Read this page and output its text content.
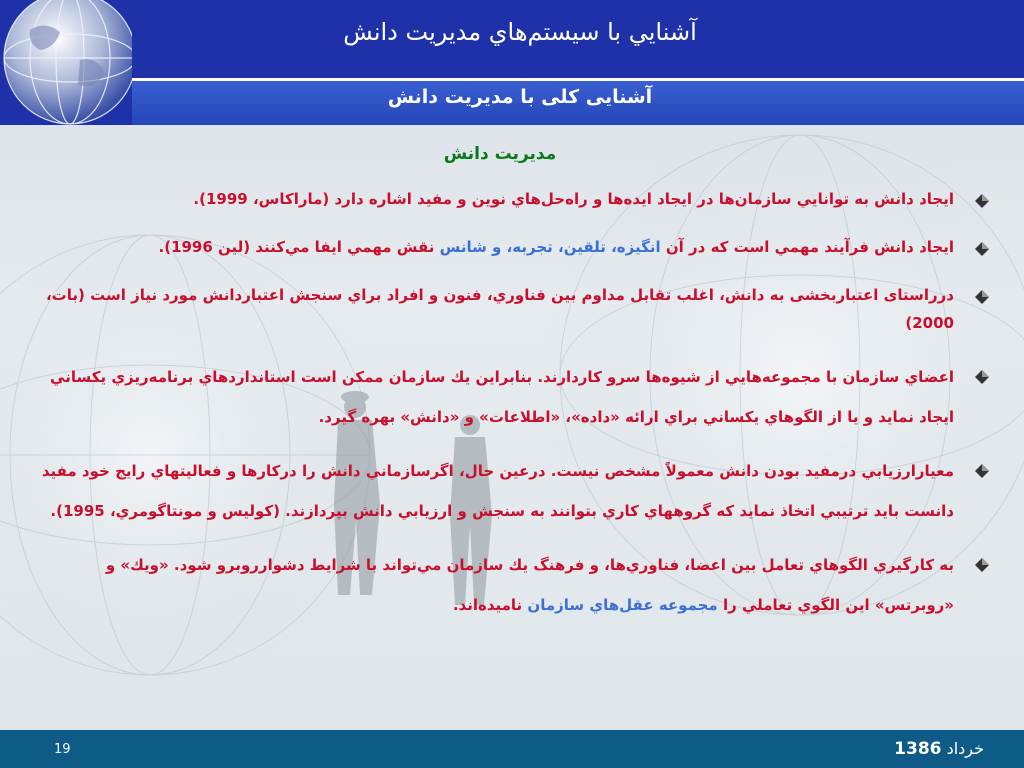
آشنايي با سيستم‌هاي مديريت دانش
آشنایی کلی با مديريت دانش
مديريت دانش
ايجاد دانش به توانايي سازمان‌ها در ايجاد ايده‌ها و راه‌حل‌هاي نوين و مفيد اشاره دارد (ماراكاس، 1999).
ايجاد دانش فرآيند مهمي است كه در آن انگيزه، تلقين، تجربه، و شانس نقش مهمي ايفا مي‌كنند (لين 1996).
درراستای اعتباربخشی به دانش، اغلب تقابل مداوم بين فناوري، فنون و افراد براي سنجش اعتباردانش مورد نياز است (بات، 2000)
اعضاي سازمان با مجموعه‌هايي از شيوه‌ها سرو كاردارند. بنابراين يك سازمان ممكن است استانداردهاي برنامه‌ريزي يكساني ايجاد نمايد و يا از الگوهاي يكساني براي ارائه «داده»، «اطلاعات» و «دانش» بهره گيرد.
معيارارزيابي درمفيد بودن دانش معمولاً مشخص نيست. درعين حال، اگرسازماني دانش را دركارها و فعاليتهاي رايج خود مفيد دانست بايد ترتيبي اتخاذ نمايد كه گروههاي كاري بتوانند به سنجش و ارزيابي دانش بپردازند. (كوليس و مونتاگومري، 1995).
به كارگيري الگوهاي تعامل بين اعضا، فناوري‌ها، و فرهنگ يك سازمان مي‌تواند با شرايط دشوارروبرو شود. «ويك» و «روبرتس» اين الگوي تعاملي را مجموعه عقل‌هاي سازمان ناميده‌اند.
19	خرداد 1386
